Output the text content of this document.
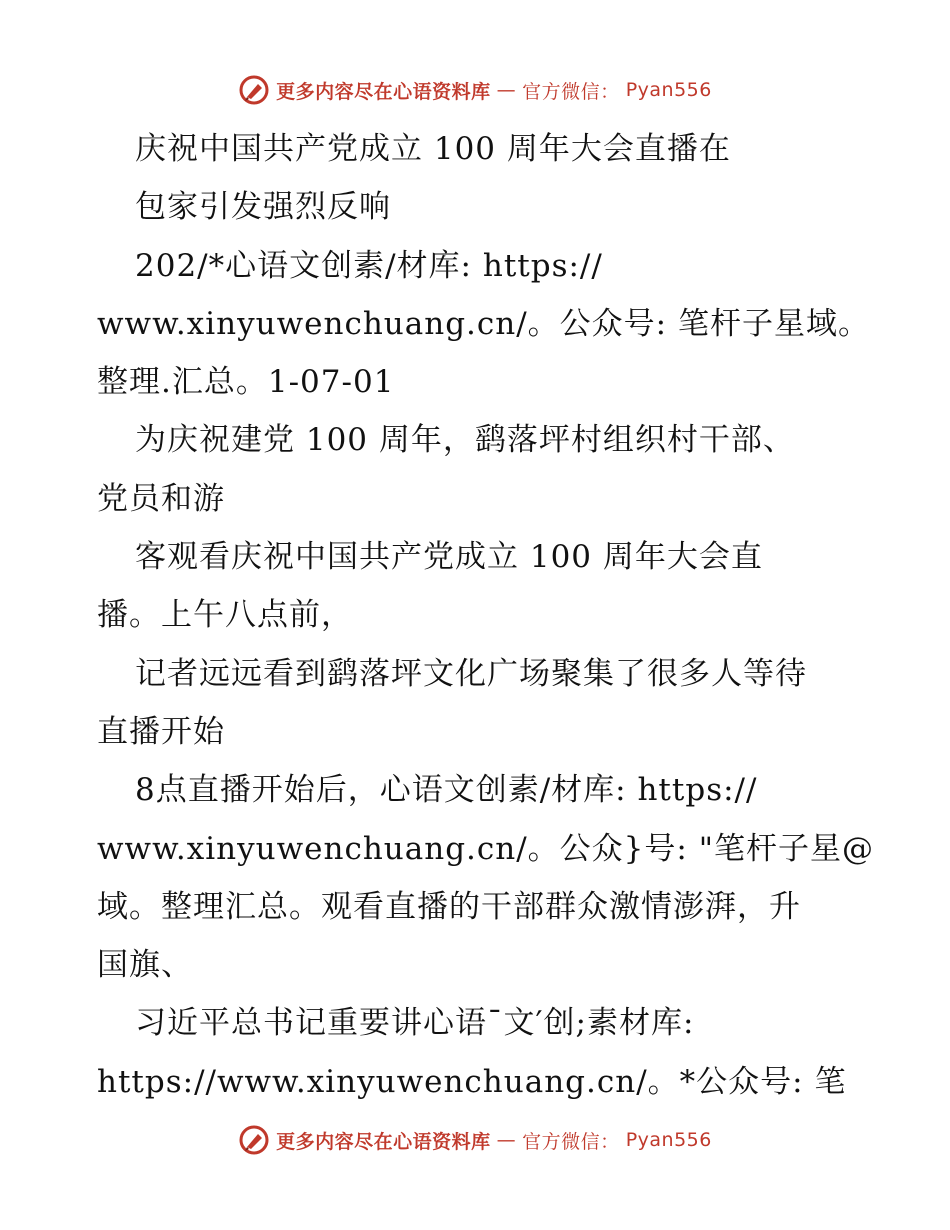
更多内容尽在心语资料库 — 官方微信： Pyan556
庆祝中国共产党成立 100 周年大会直播在
包家引发强烈反响
202/*心语文创素/材库: https://
www.xinyuwenchuang.cn/。公众号: 笔杆子星域。
整理.汇总。1-07-01
为庆祝建党 100 周年，鹞落坪村组织村干部、
党员和游
客观看庆祝中国共产党成立 100 周年大会直
播。上午八点前，
记者远远看到鹞落坪文化广场聚集了很多人等待
直播开始
8点直播开始后，心语文创素/材库: https://
www.xinyuwenchuang.cn/。公众}号: "笔杆子星@
域。整理汇总。观看直播的干部群众激情澎湃，升
国旗、
习近平总书记重要讲心语¯文′创;素材库:
https://www.xinyuwenchuang.cn/。*公众号: 笔
更多内容尽在心语资料库 — 官方微信： Pyan556
